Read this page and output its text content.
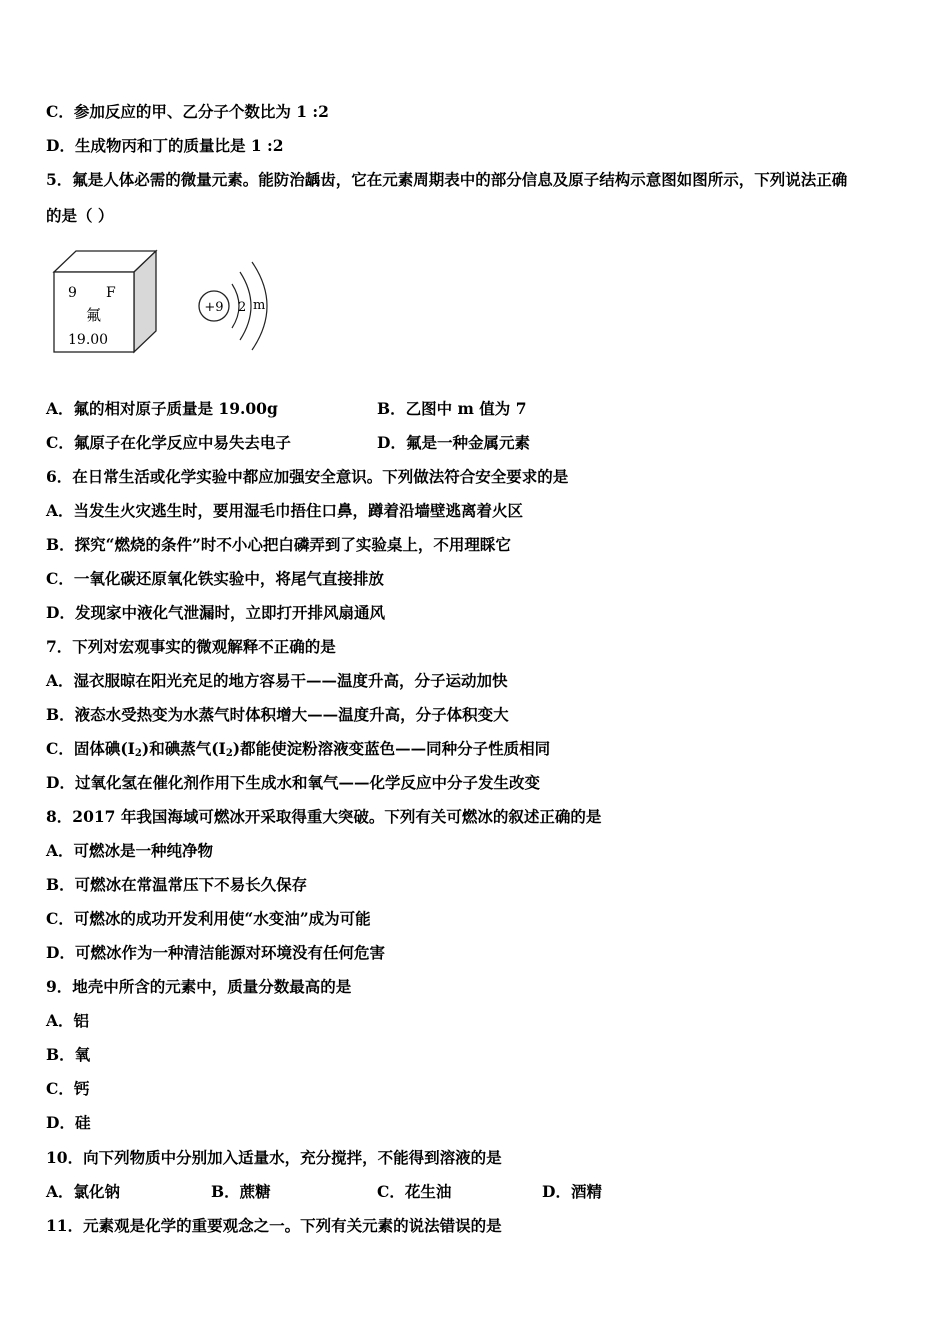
C．参加反应的甲、乙分子个数比为 1 :2
D．生成物丙和丁的质量比是 1 :2
5．氟是人体必需的微量元素。能防治龋齿，它在元素周期表中的部分信息及原子结构示意图如图所示，下列说法正确
的是（ ）
9 F
氟
19.00
+9 2 m
A．氟的相对原子质量是 19.00g	B．乙图中 m 值为 7
C．氟原子在化学反应中易失去电子	D．氟是一种金属元素
6．在日常生活或化学实验中都应加强安全意识。下列做法符合安全要求的是
A．当发生火灾逃生时，要用湿毛巾捂住口鼻，蹲着沿墙壁逃离着火区
B．探究“燃烧的条件”时不小心把白磷弄到了实验桌上，不用理睬它
C．一氧化碳还原氧化铁实验中，将尾气直接排放
D．发现家中液化气泄漏时，立即打开排风扇通风
7．下列对宏观事实的微观解释不正确的是
A．湿衣服晾在阳光充足的地方容易干——温度升高，分子运动加快
B．液态水受热变为水蒸气时体积增大——温度升高，分子体积变大
C．固体碘$(I_2)$和碘蒸气$(I_2)$都能使淀粉溶液变蓝色——同种分子性质相同
D．过氧化氢在催化剂作用下生成水和氧气——化学反应中分子发生改变
8．2017 年我国海域可燃冰开采取得重大突破。下列有关可燃冰的叙述正确的是
A．可燃冰是一种纯净物
B．可燃冰在常温常压下不易长久保存
C．可燃冰的成功开发利用使“水变油”成为可能
D．可燃冰作为一种清洁能源对环境没有任何危害
9．地壳中所含的元素中，质量分数最高的是
A．铝
B．氧
C．钙
D．硅
10．向下列物质中分别加入适量水，充分搅拌，不能得到溶液的是
A．氯化钠	B．蔗糖	C．花生油	D．酒精
11．元素观是化学的重要观念之一。下列有关元素的说法错误的是
